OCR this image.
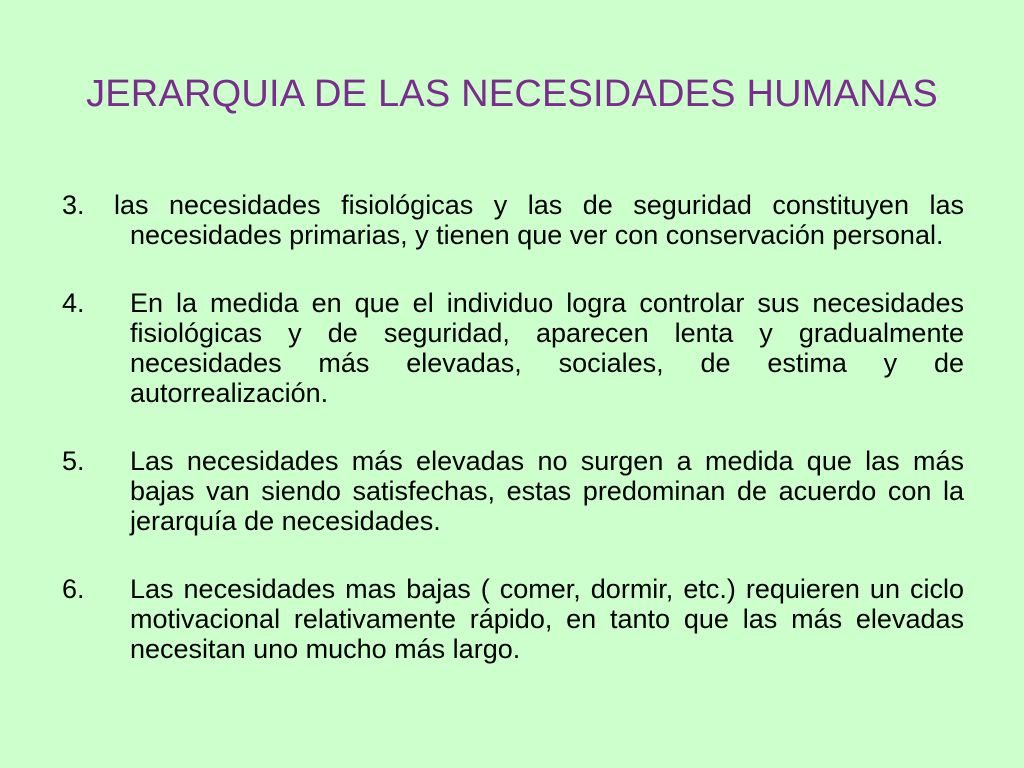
JERARQUIA DE LAS NECESIDADES HUMANAS
3. las necesidades fisiológicas y las de seguridad constituyen las necesidades primarias, y tienen que ver con conservación personal.
4.	En la medida en que el individuo logra controlar sus necesidades fisiológicas y de seguridad, aparecen lenta y gradualmente necesidades más elevadas, sociales, de estima y de autorrealización.
5.	Las necesidades más elevadas no surgen a medida que las más bajas van siendo satisfechas, estas predominan de acuerdo con la jerarquía de necesidades.
6.	Las necesidades mas bajas ( comer, dormir, etc.) requieren un ciclo motivacional relativamente rápido, en tanto que las más elevadas necesitan uno mucho más largo.
